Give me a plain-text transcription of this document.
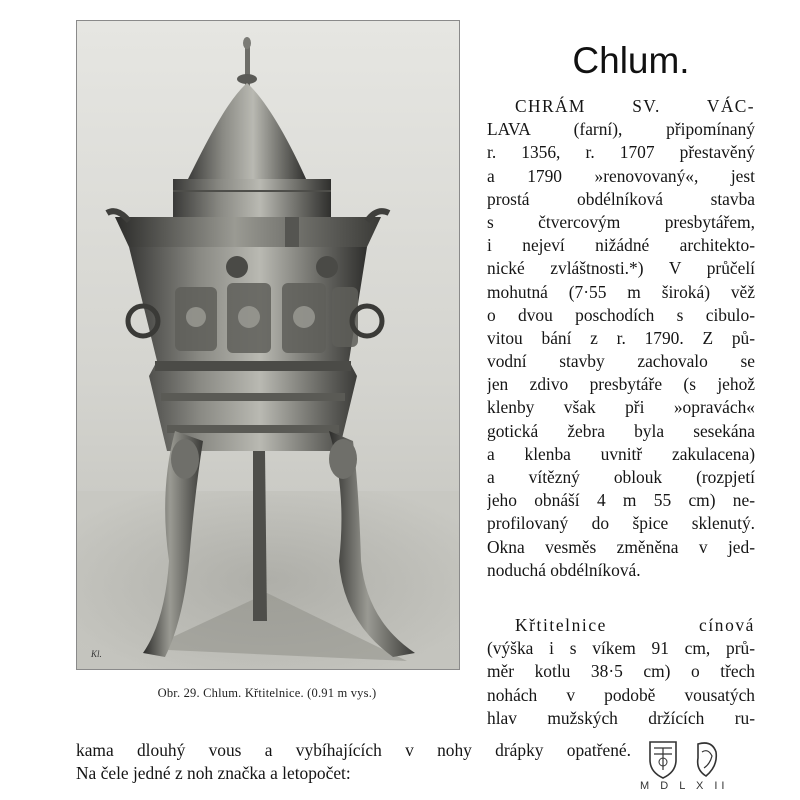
Kl.
Obr. 29. Chlum. Křtitelnice. (0.91 m vys.)
Chlum.
CHRÁM SV. VÁC-
LAVA (farní), připomínaný
r. 1356, r. 1707 přestavěný
a 1790 »renovovaný«, jest
prostá obdélníková stavba
s čtvercovým presbytářem,
i nejeví nižádné architekto-
nické zvláštnosti.*) V průčelí
mohutná (7·55 m široká) věž
o dvou poschodích s cibulo-
vitou bání z r. 1790. Z pů-
vodní stavby zachovalo se
jen zdivo presbytáře (s jehož
klenby však při »opravách«
gotická žebra byla sesekána
a klenba uvnitř zakulacena)
a vítězný oblouk (rozpjetí
jeho obnáší 4 m 55 cm) ne-
profilovaný do špice sklenutý.
Okna vesměs změněna v jed-
noduchá obdélníková.
Křtitelnice cínová
(výška i s víkem 91 cm, prů-
měr kotlu 38·5 cm) o třech
nohách v podobě vousatých
hlav mužských držících ru-
kama dlouhý vous a vybíhajících v nohy drápky opatřené.
Na čele jedné z noh značka a letopočet:
M D L X II
